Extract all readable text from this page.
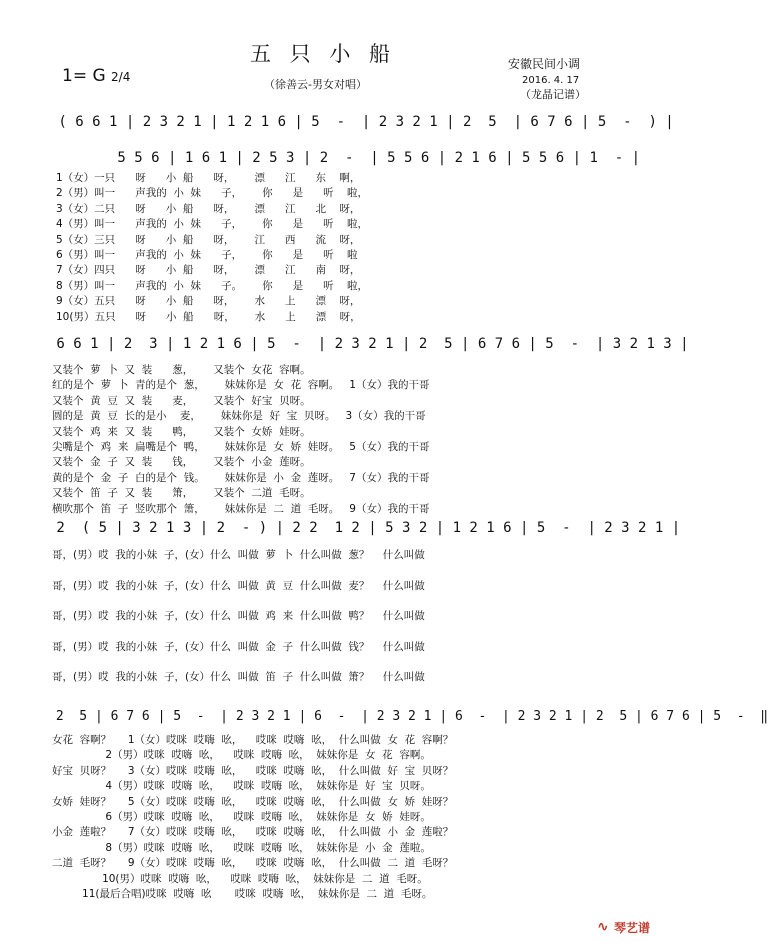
五 只 小 船
（徐善云-男女对唱）
1= G 2/4
安徽民间小调
2016. 4. 17
（龙晶记谱）
( 6 6 1 | 2 3 2 1 | 1 2 1 6 | 5  -  | 2 3 2 1 | 2  5  | 6 7 6 | 5  -  ) |
5 5 6 | 1 6 1 | 2 5 3 | 2  -  | 5 5 6 | 2 1 6 | 5 5 6 | 1  - |
1（女）一只      呀      小  船      呀，      漂      江      东    啊，
2（男）叫一      声我的  小  妹      子，      你      是      听    啦，
3（女）二只      呀      小  船      呀，      漂      江      北    呀，
4（男）叫一      声我的  小  妹      子，      你      是      听    啦，
5（女）三只      呀      小  船      呀，      江      西      流    呀，
6（男）叫一      声我的  小  妹      子，      你      是      听    啦
7（女）四只      呀      小  船      呀，      漂      江      南    呀，
8（男）叫一      声我的  小  妹      子。      你      是      听    啦，
9（女）五只      呀      小  船      呀，      水      上      漂    呀，
10(男）五只      呀      小  船      呀，      水      上      漂    呀，
6 6 1 | 2  3 | 1 2 1 6 | 5  -  | 2 3 2 1 | 2  5 | 6 7 6 | 5  -  | 3 2 1 3 |
又装个  萝  卜  又  装      葱，      又装个  女花  容啊。
红的是个  萝  卜  青的是个  葱，      妹妹你是  女  花  容啊。   1（女）我的干哥
又装个  黄  豆  又  装      麦，      又装个  好宝  贝呀。
圆的是  黄  豆  长的是小    麦，      妹妹你是  好  宝  贝呀。   3（女）我的干哥
又装个  鸡  来  又  装      鸭，      又装个  女娇  娃呀。
尖嘴是个  鸡  来  扁嘴是个  鸭，      妹妹你是  女  娇  娃呀。   5（女）我的干哥
又装个  金  子  又  装      钱，      又装个  小金  莲呀。
黄的是个  金  子  白的是个  钱。      妹妹你是  小  金  莲呀。   7（女）我的干哥
又装个  笛  子  又  装      箫，      又装个  二道  毛呀。
横吹那个  笛  子  竖吹那个  箫，      妹妹你是  二  道  毛呀。   9（女）我的干哥
2  ( 5 | 3 2 1 3 | 2  - ) | 2 2  1 2 | 5 3 2 | 1 2 1 6 | 5  -  | 2 3 2 1 |
哥，(男）哎  我的小妹  子，(女）什么  叫做  萝  卜  什么叫做  葱？    什么叫做
哥，(男）哎  我的小妹  子，(女）什么  叫做  黄  豆  什么叫做  麦？    什么叫做
哥，(男）哎  我的小妹  子，(女）什么  叫做  鸡  来  什么叫做  鸭？    什么叫做
哥，(男）哎  我的小妹  子，(女）什么  叫做  金  子  什么叫做  钱？    什么叫做
哥，(男）哎  我的小妹  子，(女）什么  叫做  笛  子  什么叫做  箫？    什么叫做
2  5 | 6 7 6 | 5  -  | 2 3 2 1 | 6  -  | 2 3 2 1 | 6  -  | 2 3 2 1 | 2  5 | 6 7 6 | 5  -  ‖
女花  容啊？     1（女）哎咪  哎嗨  吆，    哎咪  哎嗨  吆，  什么叫做  女  花  容啊？
2（男）哎咪  哎嗨  吆，    哎咪  哎嗨  吆，  妹妹你是  女  花  容啊。
好宝  贝呀？     3（女）哎咪  哎嗨  吆，    哎咪  哎嗨  吆，  什么叫做  好  宝  贝呀？
4（男）哎咪  哎嗨  吆，    哎咪  哎嗨  吆，  妹妹你是  好  宝  贝呀。
女娇  娃呀？     5（女）哎咪  哎嗨  吆，    哎咪  哎嗨  吆，  什么叫做  女  娇  娃呀？
6（男）哎咪  哎嗨  吆，    哎咪  哎嗨  吆，  妹妹你是  女  娇  娃呀。
小金  莲啦？     7（女）哎咪  哎嗨  吆，    哎咪  哎嗨  吆，  什么叫做  小  金  莲啦？
8（男）哎咪  哎嗨  吆，    哎咪  哎嗨  吆，  妹妹你是  小  金  莲啦。
二道  毛呀？     9（女）哎咪  哎嗨  吆，    哎咪  哎嗨  吆，  什么叫做  二  道  毛呀？
10(男）哎咪  哎嗨  吆，    哎咪  哎嗨  吆，  妹妹你是  二  道  毛呀。
11(最后合唱)哎咪  哎嗨  吆       哎咪  哎嗨  吆，  妹妹你是  二  道  毛呀。
∿ 琴艺谱
